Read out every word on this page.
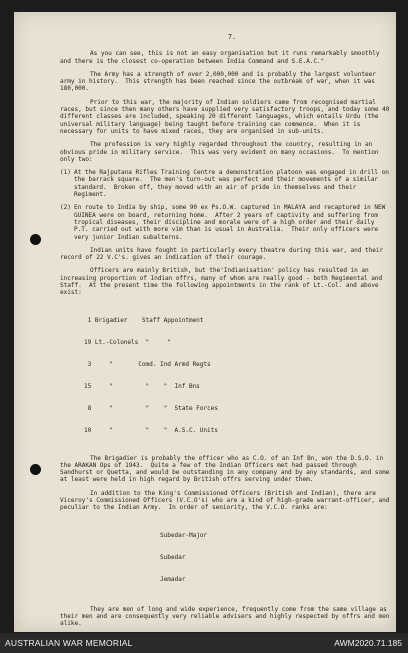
7.

As you can see, this is not an easy organisation but it runs remarkably smoothly and there is the closest co-operation between India Command and S.E.A.C."

The Army has a strength of over 2,000,000 and is probably the largest volunteer army in history.  This strength has been reached since the outbreak of war, when it was 180,000.

Prior to this war, the majority of Indian soldiers came from recognised martial races, but since then many others have supplied very satisfactory troops, and today some 40 different classes are included, speaking 20 different languages, which entails Urdu (the universal military language) being taught before training can commence.  When it is necessary for units to have mixed races, they are organised in sub-units.

The profession is very highly regarded throughout the country, resulting in an obvious pride in military service.  This was very evident on many occasions.  To mention only two:

(1) At the Rajputana Rifles Training Centre a demonstration platoon was engaged in drill on the barrack square.  The men's turn-out was perfect and their movements of a similar standard.  Broken off, they moved with an air of pride in themselves and their Regiment.
(2) En route to India by ship, some 90 ex Ps.O.W. captured in MALAYA and recaptured in NEW GUINEA were on board, returning home.  After 2 years of captivity and suffering from tropical diseases, their discipline and morale were of a high order and their daily P.T. carried out with more vim than is usual in Australia.  Their only officers were very junior Indian subalterns.

Indian units have fought in particularly every theatre during this war, and their record of 22 V.C's. gives an indication of their courage.

Officers are mainly British, but the'Indianisation' policy has resulted in an increasing proportion of Indian offrs, many of whom are really good - both Regimental and Staff.  At the present time the following appointments in the rank of Lt.-Col. and above exist:

1 Brigadier    Staff Appointment

19 Lt.-Colonels  "     "

3     "       Comd. Ind Armd Regts

15     "         "    "  Inf Bns

8     "         "    "  State Forces

10     "         "    "  A.S.C. Units

The Brigadier is probably the officer who as C.O. of an Inf Bn, won the D.S.O. in the ARAKAN Ops of 1943.  Quite a few of the Indian Officers met had passed through Sandhurst or Quetta, and would be outstanding in any company and by any standards, and some at least were held in high regard by British offrs serving under them.

In addition to the King's Commissioned Officers (British and Indian), there are Viceroy's Commissioned Officers (V.C.O's) who are a kind of high-grade warrant-officer, and peculiar to the Indian Army.  In order of seniority, the V.C.O. ranks are:

Subedar-Major

Subedar

Jemadar

They are men of long and wide experience, frequently come from the same village as their men and are consequently very reliable advisers and highly respected by offrs and men alike.

AUSTRALIAN WAR MEMORIAL	AWM2020.71.185
